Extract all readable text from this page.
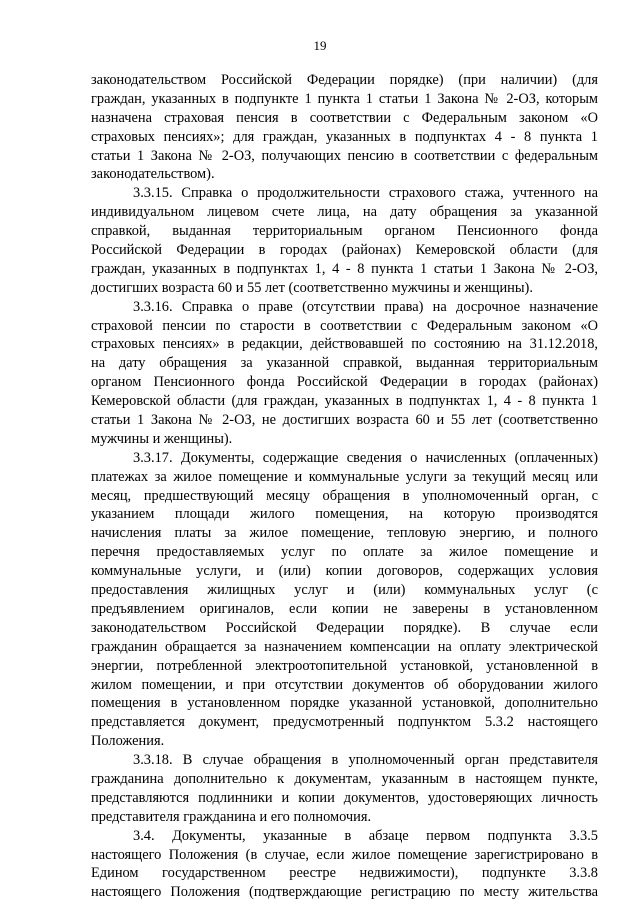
19
законодательством Российской Федерации порядке) (при наличии) (для
граждан, указанных в подпункте 1 пункта 1 статьи 1 Закона № 2-ОЗ, которым
назначена страховая пенсия в соответствии с Федеральным законом «О
страховых пенсиях»; для граждан, указанных в подпунктах 4 - 8 пункта 1
статьи 1 Закона № 2-ОЗ, получающих пенсию в соответствии с федеральным
законодательством).
3.3.15. Справка о продолжительности страхового стажа, учтенного на
индивидуальном лицевом счете лица, на дату обращения за указанной
справкой, выданная территориальным органом Пенсионного фонда
Российской Федерации в городах (районах) Кемеровской области (для
граждан, указанных в подпунктах 1, 4 - 8 пункта 1 статьи 1 Закона № 2-ОЗ,
достигших возраста 60 и 55 лет (соответственно мужчины и женщины).
3.3.16. Справка о праве (отсутствии права) на досрочное назначение
страховой пенсии по старости в соответствии с Федеральным законом «О
страховых пенсиях» в редакции, действовавшей по состоянию на 31.12.2018,
на дату обращения за указанной справкой, выданная территориальным
органом Пенсионного фонда Российской Федерации в городах (районах)
Кемеровской области (для граждан, указанных в подпунктах 1, 4 - 8 пункта 1
статьи 1 Закона № 2-ОЗ, не достигших возраста 60 и 55 лет (соответственно
мужчины и женщины).
3.3.17. Документы, содержащие сведения о начисленных (оплаченных)
платежах за жилое помещение и коммунальные услуги за текущий месяц или
месяц, предшествующий месяцу обращения в уполномоченный орган, с
указанием площади жилого помещения, на которую производятся
начисления платы за жилое помещение, тепловую энергию, и полного
перечня предоставляемых услуг по оплате за жилое помещение и
коммунальные услуги, и (или) копии договоров, содержащих условия
предоставления жилищных услуг и (или) коммунальных услуг (с
предъявлением оригиналов, если копии не заверены в установленном
законодательством Российской Федерации порядке). В случае если
гражданин обращается за назначением компенсации на оплату электрической
энергии, потребленной электроотопительной установкой, установленной в
жилом помещении, и при отсутствии документов об оборудовании жилого
помещения в установленном порядке указанной установкой, дополнительно
представляется документ, предусмотренный подпунктом 5.3.2 настоящего
Положения.
3.3.18. В случае обращения в уполномоченный орган представителя
гражданина дополнительно к документам, указанным в настоящем пункте,
представляются подлинники и копии документов, удостоверяющих личность
представителя гражданина и его полномочия.
3.4. Документы, указанные в абзаце первом подпункта 3.3.5
настоящего Положения (в случае, если жилое помещение зарегистрировано в
Едином государственном реестре недвижимости), подпункте 3.3.8
настоящего Положения (подтверждающие регистрацию по месту жительства
